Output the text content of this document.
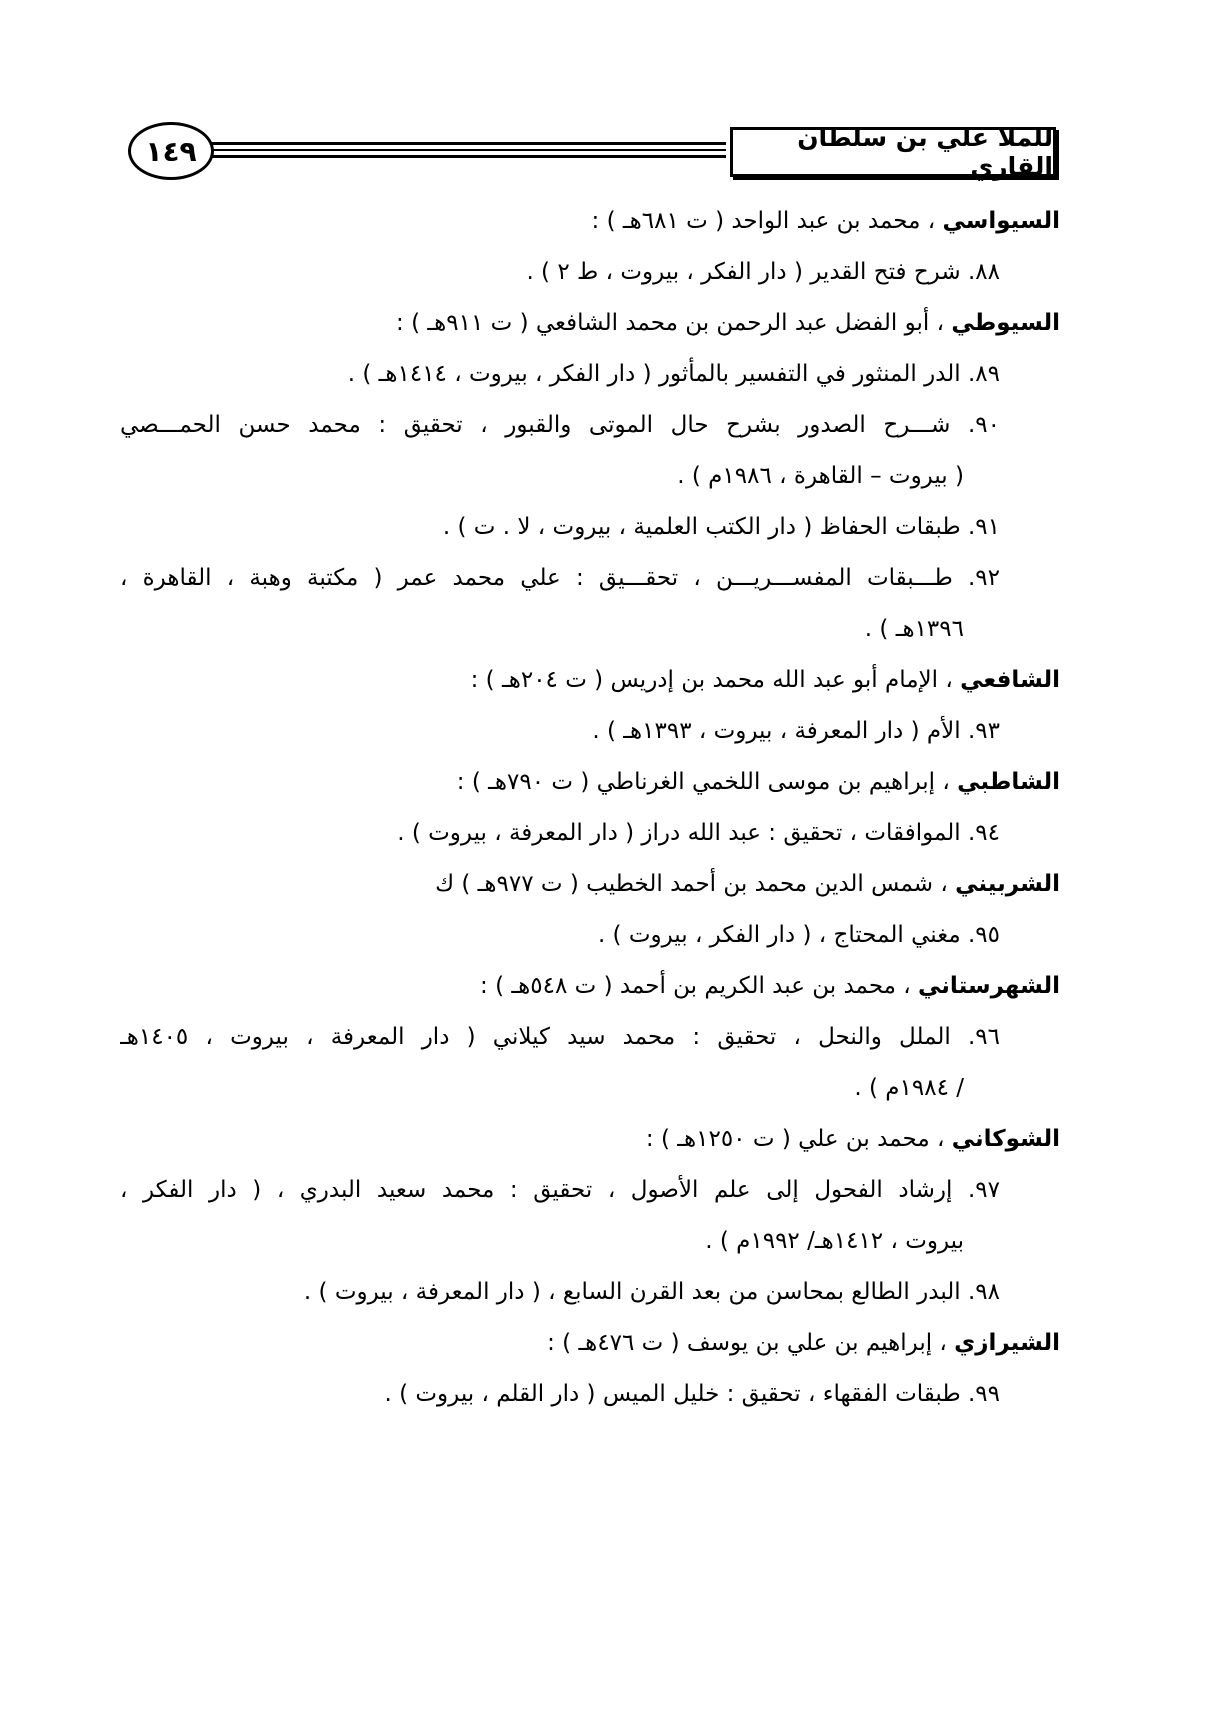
للملا علي بن سلطان القاري
١٤٩
السيواسي ، محمد بن عبد الواحد ( ت ٦٨١هـ ) :
٨٨. شرح فتح القدير ( دار الفكر ، بيروت ، ط ٢ ) .
السيوطي ، أبو الفضل عبد الرحمن بن محمد الشافعي ( ت ٩١١هـ ) :
٨٩. الدر المنثور في التفسير بالمأثور ( دار الفكر ، بيروت ، ١٤١٤هـ ) .
٩٠. شـــرح الصدور بشرح حال الموتى والقبور ، تحقيق : محمد حسن الحمـــصي
( بيروت – القاهرة ، ١٩٨٦م ) .
٩١. طبقات الحفاظ ( دار الكتب العلمية ، بيروت ، لا . ت ) .
٩٢. طـــبقات المفســـريـــن ، تحقـــيق : علي محمد عمر ( مكتبة وهبة ، القاهرة ،
١٣٩٦هـ ) .
الشافعي ، الإمام أبو عبد الله محمد بن إدريس ( ت ٢٠٤هـ ) :
٩٣. الأم ( دار المعرفة ، بيروت ، ١٣٩٣هـ ) .
الشاطبي ، إبراهيم بن موسى اللخمي الغرناطي ( ت ٧٩٠هـ ) :
٩٤. الموافقات ، تحقيق : عبد الله دراز ( دار المعرفة ، بيروت ) .
الشربيني ، شمس الدين محمد بن أحمد الخطيب ( ت ٩٧٧هـ ) ك
٩٥. مغني المحتاج ، ( دار الفكر ، بيروت ) .
الشهرستاني ، محمد بن عبد الكريم بن أحمد ( ت ٥٤٨هـ ) :
٩٦. الملل والنحل ، تحقيق : محمد سيد كيلاني ( دار المعرفة ، بيروت ، ١٤٠٥هـ
/ ١٩٨٤م ) .
الشوكاني ، محمد بن علي ( ت ١٢٥٠هـ ) :
٩٧. إرشاد الفحول إلى علم الأصول ، تحقيق : محمد سعيد البدري ، ( دار الفكر ،
بيروت ، ١٤١٢هـ/ ١٩٩٢م ) .
٩٨. البدر الطالع بمحاسن من بعد القرن السابع ، ( دار المعرفة ، بيروت ) .
الشيرازي ، إبراهيم بن علي بن يوسف ( ت ٤٧٦هـ ) :
٩٩. طبقات الفقهاء ، تحقيق : خليل الميس ( دار القلم ، بيروت ) .
